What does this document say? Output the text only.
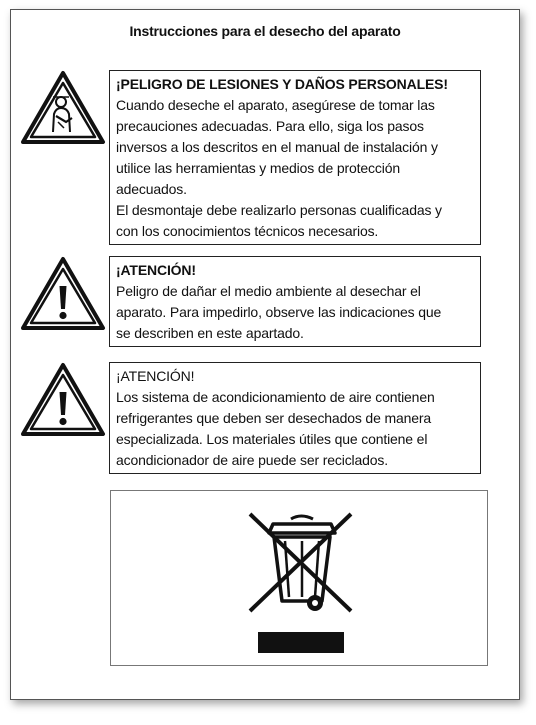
Instrucciones para el desecho del aparato
¡PELIGRO DE LESIONES Y DAÑOS PERSONALES!
Cuando deseche el aparato, asegúrese de tomar las
precauciones adecuadas. Para ello, siga los pasos
inversos a los descritos en el manual de instalación y
utilice las herramientas y medios de protección
adecuados.
El desmontaje debe realizarlo personas cualificadas y
con los conocimientos técnicos necesarios.
¡ATENCIÓN!
Peligro de dañar el medio ambiente al desechar el
aparato. Para impedirlo, observe las indicaciones que
se describen en este apartado.
¡ATENCIÓN!
Los sistema de acondicionamiento de aire contienen
refrigerantes que deben ser desechados de manera
especializada. Los materiales útiles que contiene el
acondicionador de aire puede ser reciclados.
